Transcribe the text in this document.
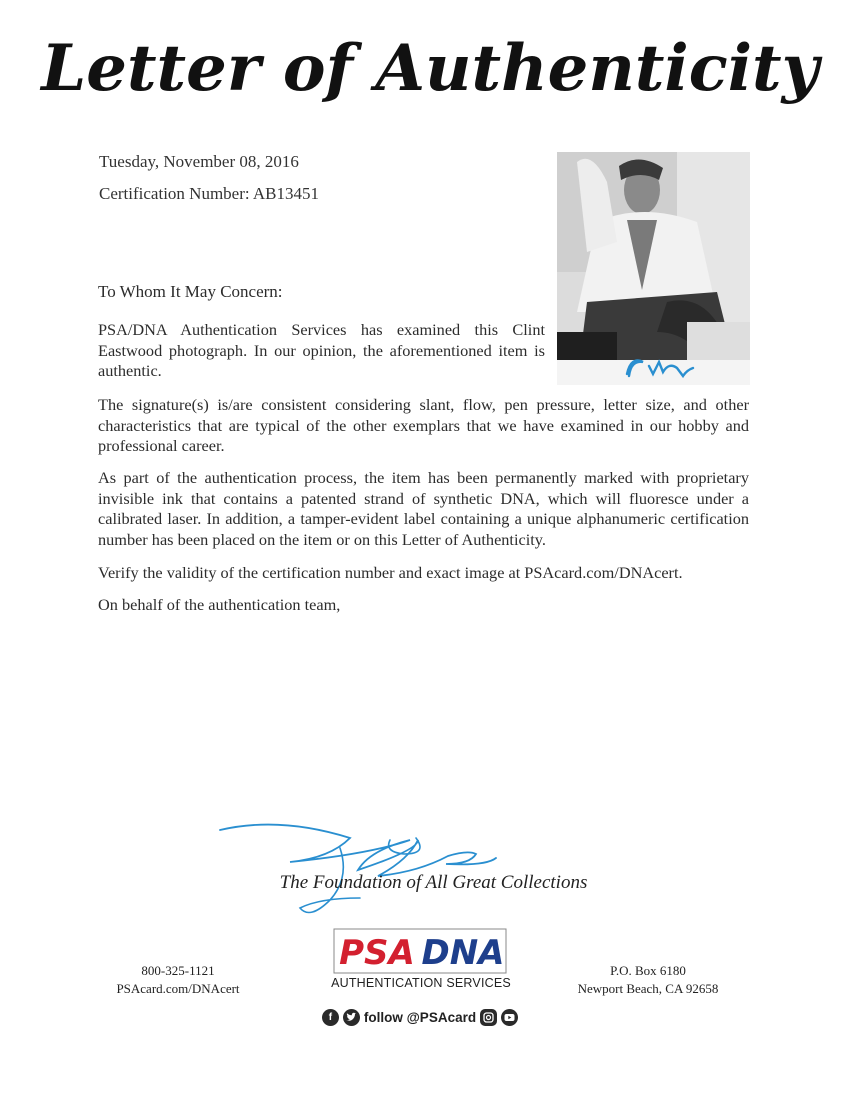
Letter of Authenticity
Tuesday, November 08, 2016
Certification Number: AB13451

To Whom It May Concern:

PSA/DNA Authentication Services has examined this Clint Eastwood photograph. In our opinion, the aforementioned item is authentic.

The signature(s) is/are consistent considering slant, flow, pen pressure, letter size, and other characteristics that are typical of the other exemplars that we have examined in our hobby and professional career.

As part of the authentication process, the item has been permanently marked with proprietary invisible ink that contains a patented strand of synthetic DNA, which will fluoresce under a calibrated laser. In addition, a tamper-evident label containing a unique alphanumeric certification number has been placed on the item or on this Letter of Authenticity.

Verify the validity of the certification number and exact image at PSAcard.com/DNAcert.

On behalf of the authentication team,

The Foundation of All Great Collections
800-325-1121
PSAcard.com/DNAcert
PSA DNA
AUTHENTICATION SERVICES
f	follow @PSAcard
P.O. Box 6180
Newport Beach, CA 92658
